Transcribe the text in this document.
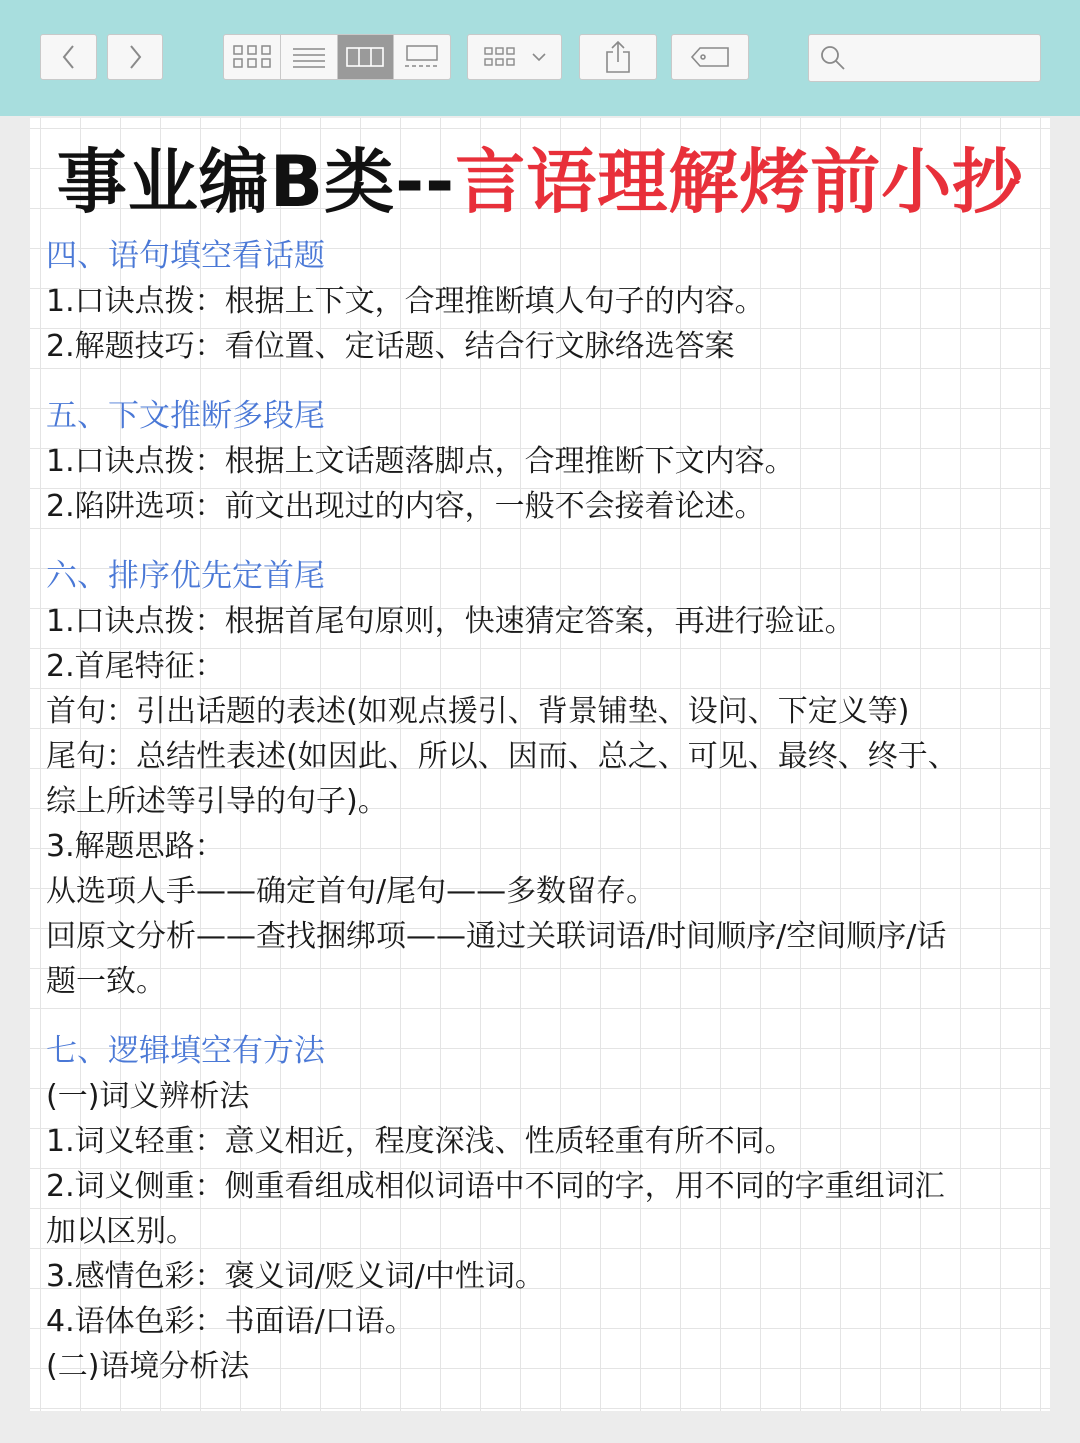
事业编B类--言语理解烤前小抄
四、语句填空看话题
1.口诀点拨：根据上下文，合理推断填人句子的内容。
2.解题技巧：看位置、定话题、结合行文脉络选答案
五、下文推断多段尾
1.口诀点拨：根据上文话题落脚点，合理推断下文内容。
2.陷阱选项：前文出现过的内容，一般不会接着论述。
六、排序优先定首尾
1.口诀点拨：根据首尾句原则，快速猜定答案，再进行验证。
2.首尾特征：
首句：引出话题的表述(如观点援引、背景铺垫、设问、下定义等)
尾句：总结性表述(如因此、所以、因而、总之、可见、最终、终于、
综上所述等引导的句子)。
3.解题思路：
从选项人手——确定首句/尾句——多数留存。
回原文分析——查找捆绑项——通过关联词语/时间顺序/空间顺序/话
题一致。
七、逻辑填空有方法
(一)词义辨析法
1.词义轻重：意义相近，程度深浅、性质轻重有所不同。
2.词义侧重：侧重看组成相似词语中不同的字，用不同的字重组词汇
加以区别。
3.感情色彩：褒义词/贬义词/中性词。
4.语体色彩：书面语/口语。
(二)语境分析法
